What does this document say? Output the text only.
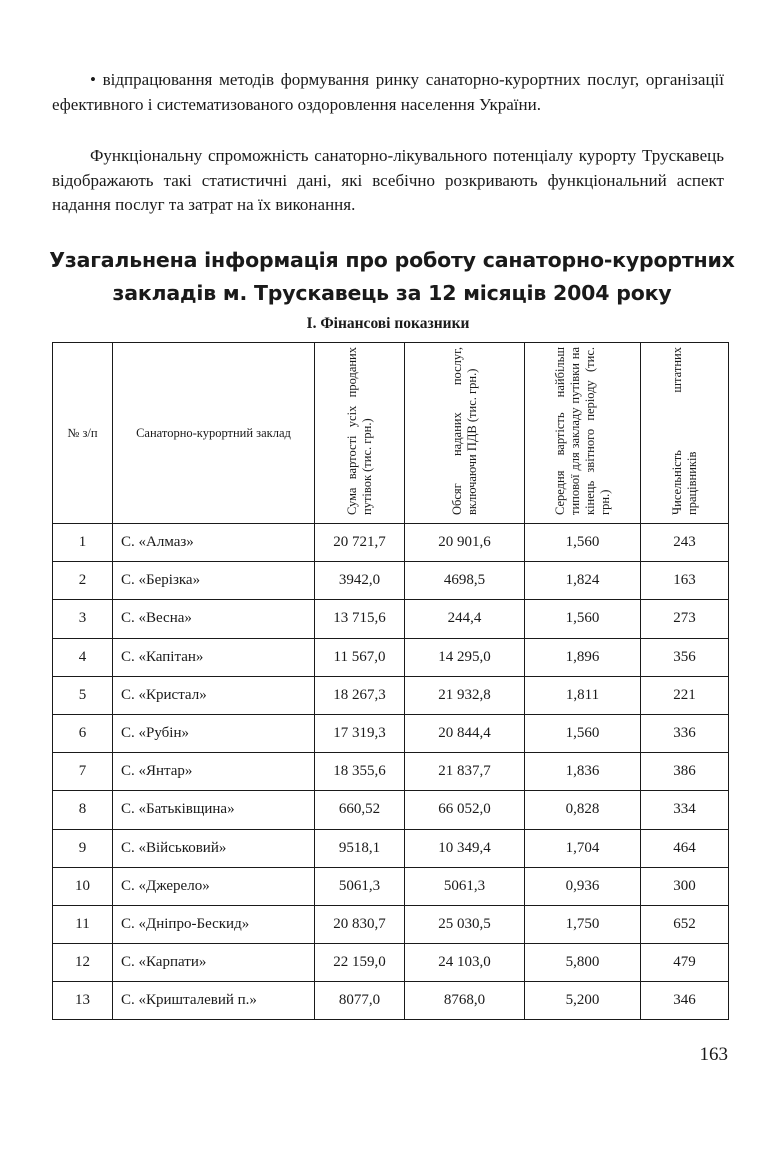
• відпрацювання методів формування ринку санаторно-курортних послуг, організації ефективного і систематизованого оздоровлення населення України.

Функціональну спроможність санаторно-лікувального потенціалу курорту Трускавець відображають такі статистичні дані, які всебічно розкривають функціональний аспект надання послуг та затрат на їх виконання.

Узагальнена інформація про роботу санаторно-курортних
закладів м. Трускавець за 12 місяців 2004 року

І. Фінансові показники

№ з/п	Санаторно-курортний заклад	Сума вартості усіх проданих путівок (тис. грн.)	Обсяг наданих послуг, включаючи ПДВ (тис. грн.)	Середня вартість найбільш типової для закладу путівки на кінець звітного періоду (тис. грн.)	Чисельність штатних працівників
1	С. «Алмаз»	20 721,7	20 901,6	1,560	243
2	С. «Берізка»	3942,0	4698,5	1,824	163
3	С. «Весна»	13 715,6	244,4	1,560	273
4	С. «Капітан»	11 567,0	14 295,0	1,896	356
5	С. «Кристал»	18 267,3	21 932,8	1,811	221
6	С. «Рубін»	17 319,3	20 844,4	1,560	336
7	С. «Янтар»	18 355,6	21 837,7	1,836	386
8	С. «Батьківщина»	660,52	66 052,0	0,828	334
9	С. «Військовий»	9518,1	10 349,4	1,704	464
10	С. «Джерело»	5061,3	5061,3	0,936	300
11	С. «Дніпро-Бескид»	20 830,7	25 030,5	1,750	652
12	С. «Карпати»	22 159,0	24 103,0	5,800	479
13	С. «Кришталевий п.»	8077,0	8768,0	5,200	346

163
